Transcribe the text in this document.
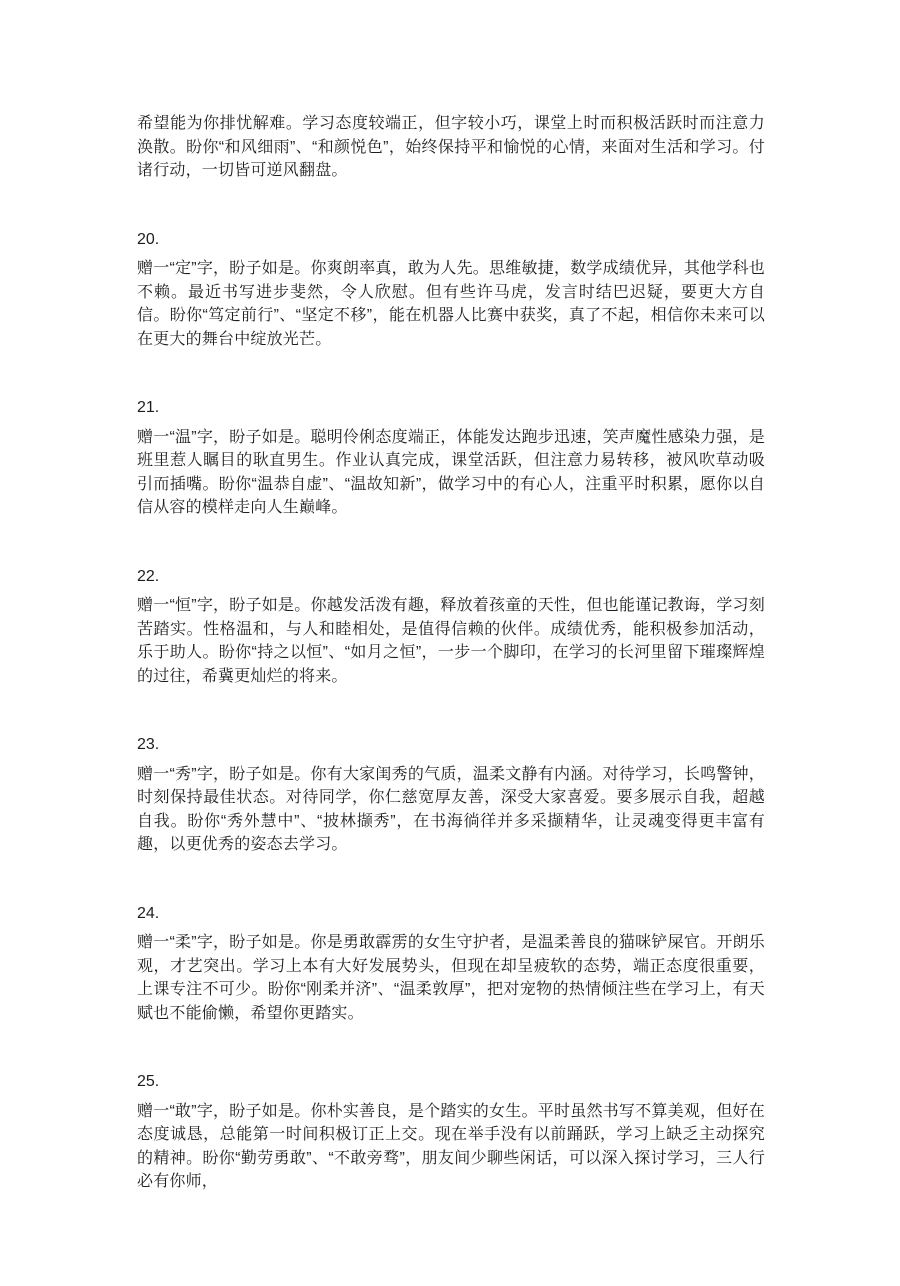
希望能为你排忧解难。学习态度较端正，但字较小巧，课堂上时而积极活跃时而注意力涣散。盼你“和风细雨”、“和颜悦色”，始终保持平和愉悦的心情，来面对生活和学习。付诸行动，一切皆可逆风翻盘。

20.

赠一“定”字，盼子如是。你爽朗率真，敢为人先。思维敏捷，数学成绩优异，其他学科也不赖。最近书写进步斐然，令人欣慰。但有些许马虎，发言时结巴迟疑，要更大方自信。盼你“笃定前行”、“坚定不移”，能在机器人比赛中获奖，真了不起，相信你未来可以在更大的舞台中绽放光芒。

21.

赠一“温”字，盼子如是。聪明伶俐态度端正，体能发达跑步迅速，笑声魔性感染力强，是班里惹人瞩目的耿直男生。作业认真完成，课堂活跃，但注意力易转移，被风吹草动吸引而插嘴。盼你“温恭自虚”、“温故知新”，做学习中的有心人，注重平时积累，愿你以自信从容的模样走向人生巅峰。

22.

赠一“恒”字，盼子如是。你越发活泼有趣，释放着孩童的天性，但也能谨记教诲，学习刻苦踏实。性格温和，与人和睦相处，是值得信赖的伙伴。成绩优秀，能积极参加活动，乐于助人。盼你“持之以恒”、“如月之恒”，一步一个脚印，在学习的长河里留下璀璨辉煌的过往，希冀更灿烂的将来。

23.

赠一“秀”字，盼子如是。你有大家闺秀的气质，温柔文静有内涵。对待学习，长鸣警钟，时刻保持最佳状态。对待同学，你仁慈宽厚友善，深受大家喜爱。要多展示自我，超越自我。盼你“秀外慧中”、“披林撷秀”，在书海徜徉并多采撷精华，让灵魂变得更丰富有趣，以更优秀的姿态去学习。

24.

赠一“柔”字，盼子如是。你是勇敢霹雳的女生守护者，是温柔善良的猫咪铲屎官。开朗乐观，才艺突出。学习上本有大好发展势头，但现在却呈疲软的态势，端正态度很重要，上课专注不可少。盼你“刚柔并济”、“温柔敦厚”，把对宠物的热情倾注些在学习上，有天赋也不能偷懒，希望你更踏实。

25.

赠一“敢”字，盼子如是。你朴实善良，是个踏实的女生。平时虽然书写不算美观，但好在态度诚恳，总能第一时间积极订正上交。现在举手没有以前踊跃，学习上缺乏主动探究的精神。盼你“勤劳勇敢”、“不敢旁骛”，朋友间少聊些闲话，可以深入探讨学习，三人行必有你师，
